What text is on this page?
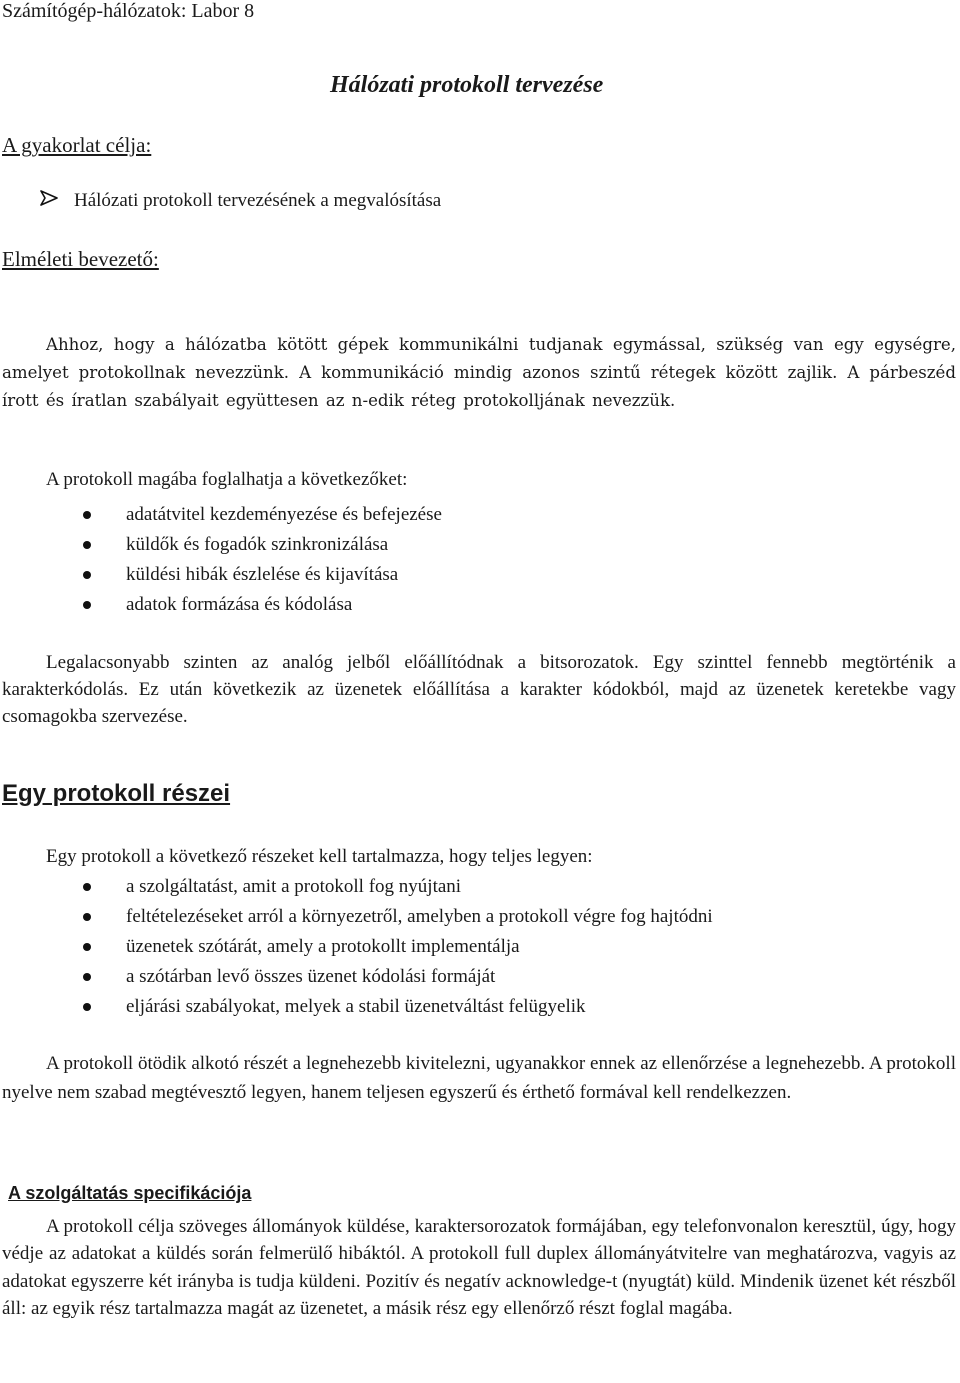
Számítógép-hálózatok: Labor 8
Hálózati protokoll tervezése
A gyakorlat célja:
Hálózati protokoll tervezésének a megvalósítása
Elméleti bevezető:

Ahhoz, hogy a hálózatba kötött gépek kommunikálni tudjanak egymással, szükség van egy egységre, amelyet protokollnak nevezzünk. A kommunikáció mindig azonos szintű rétegek között zajlik. A párbeszéd írott és íratlan szabályait együttesen az n-edik réteg protokolljának nevezzük.

A protokoll magába foglalhatja a következőket:
adatátvitel kezdeményezése és befejezése
küldők és fogadók szinkronizálása
küldési hibák észlelése és kijavítása
adatok formázása és kódolása

Legalacsonyabb szinten az analóg jelből előállítódnak a bitsorozatok. Egy szinttel fennebb megtörténik a karakterkódolás. Ez után következik az üzenetek előállítása a karakter kódokból, majd az üzenetek keretekbe vagy csomagokba szervezése.

Egy protokoll részei
Egy protokoll a következő részeket kell tartalmazza, hogy teljes legyen:
a szolgáltatást, amit a protokoll fog nyújtani
feltételezéseket arról a környezetről, amelyben a protokoll végre fog hajtódni
üzenetek szótárát, amely a protokollt implementálja
a szótárban levő összes üzenet kódolási formáját
eljárási szabályokat, melyek a stabil üzenetváltást felügyelik

A protokoll ötödik alkotó részét a legnehezebb kivitelezni, ugyanakkor ennek az ellenőrzése a legnehezebb. A protokoll nyelve nem szabad megtévesztő legyen, hanem teljesen egyszerű és érthető formával kell rendelkezzen.

A szolgáltatás specifikációja

A protokoll célja szöveges állományok küldése, karaktersorozatok formájában, egy telefonvonalon keresztül, úgy, hogy védje az adatokat a küldés során felmerülő hibáktól. A protokoll full duplex állományátvitelre van meghatározva, vagyis az adatokat egyszerre két irányba is tudja küldeni. Pozitív és negatív acknowledge-t (nyugtát) küld. Mindenik üzenet két részből áll: az egyik rész tartalmazza magát az üzenetet, a másik rész egy ellenőrző részt foglal magába.
